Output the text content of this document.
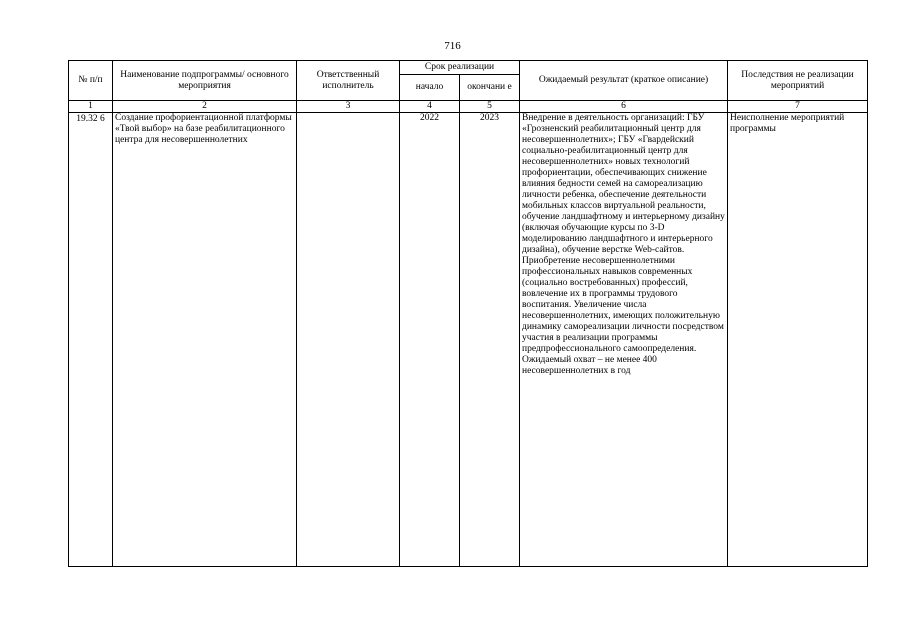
716
№ п/п	Наименование подпрограммы/ основного мероприятия	Ответственный исполнитель	Срок реализации		Ожидаемый результат (краткое описание)	Последствия не реализации мероприятий
			начало	окончани е		
1	2	3	4	5	6	7
19.32 6	Создание профориентационной платформы «Твой выбор» на базе реабилитационного центра для несовершеннолетних		2022	2023	Внедрение в деятельность организаций: ГБУ «Грозненский реабилитационный центр для несовершеннолетних»; ГБУ «Гвардейский социально-реабилитационный центр для несовершеннолетних» новых технологий профориентации, обеспечивающих снижение влияния бедности семей на самореализацию личности ребенка, обеспечение деятельности мобильных классов виртуальной реальности, обучение ландшафтному и интерьерному дизайну (включая обучающие курсы по 3-D моделированию ландшафтного и интерьерного дизайна), обучение верстке Web-сайтов. Приобретение несовершеннолетними профессиональных навыков современных (социально востребованных) профессий, вовлечение их в программы трудового воспитания. Увеличение числа несовершеннолетних, имеющих положительную динамику самореализации личности посредством участия в реализации программы предпрофессионального самоопределения. Ожидаемый охват – не менее 400 несовершеннолетних в год	Неисполнение мероприятий программы
